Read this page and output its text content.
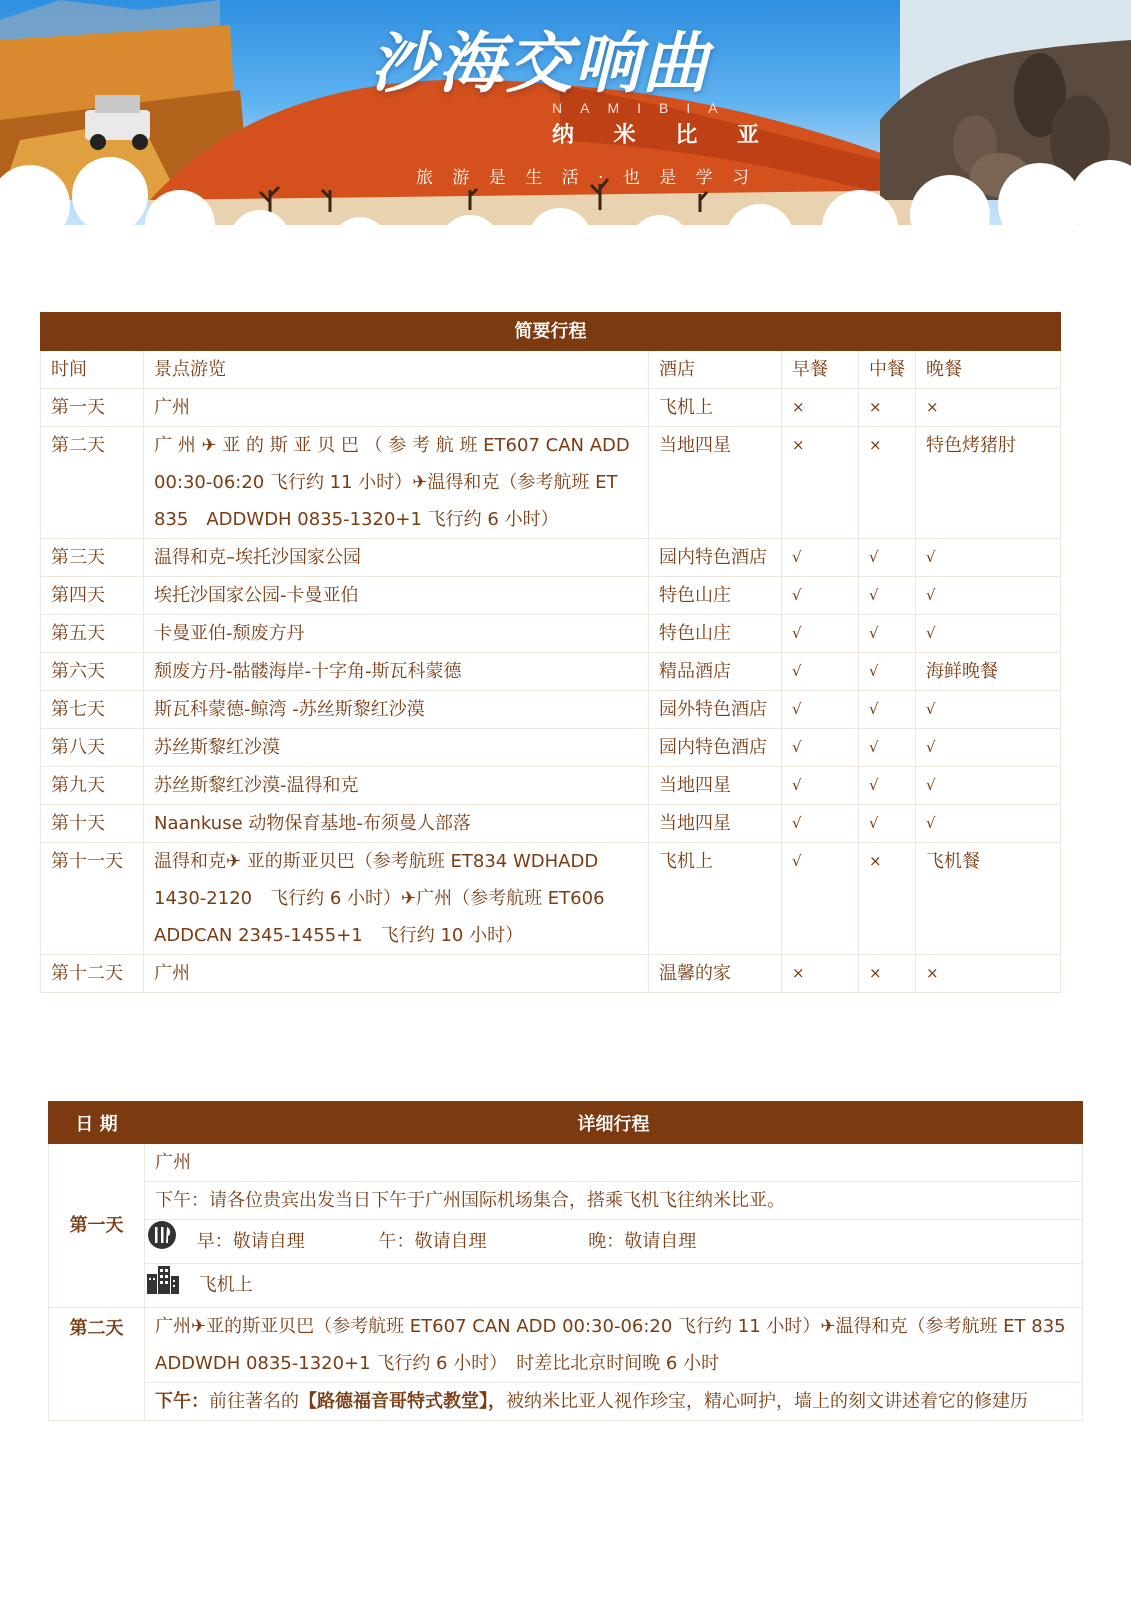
沙海交响曲
NAMIBIA
纳 米 比 亚
旅 游 是 生 活 · 也 是 学 习
简要行程					
时间	景点游览	酒店	早餐	中餐	晚餐
第一天	广州	飞机上	×	×	×
第二天	广 州 ✈ 亚 的 斯 亚 贝 巴 （ 参 考 航 班 ET607 CAN ADD 00:30-06:20 飞行约 11 小时）✈温得和克（参考航班 ET 835　ADDWDH 0835-1320+1 飞行约 6 小时）	当地四星	×	×	特色烤猪肘
第三天	温得和克–埃托沙国家公园	园内特色酒店	√	√	√
第四天	埃托沙国家公园-卡曼亚伯	特色山庄	√	√	√
第五天	卡曼亚伯-颓废方丹	特色山庄	√	√	√
第六天	颓废方丹-骷髅海岸-十字角-斯瓦科蒙德	精品酒店	√	√	海鲜晚餐
第七天	斯瓦科蒙德-鲸湾 -苏丝斯黎红沙漠	园外特色酒店	√	√	√
第八天	苏丝斯黎红沙漠	园内特色酒店	√	√	√
第九天	苏丝斯黎红沙漠-温得和克	当地四星	√	√	√
第十天	Naankuse 动物保育基地-布须曼人部落	当地四星	√	√	√
第十一天	温得和克✈ 亚的斯亚贝巴（参考航班 ET834 WDHADD 1430-2120　飞行约 6 小时）✈广州（参考航班 ET606 ADDCAN 2345-1455+1　飞行约 10 小时）	飞机上	√	×	飞机餐
第十二天	广州	温馨的家	×	×	×
日 期	详细行程
第一天	广州
	下午：请各位贵宾出发当日下午于广州国际机场集合，搭乘飞机飞往纳米比亚。
	早：敬请自理 午：敬请自理 晚：敬请自理
	飞机上
第二天	广州✈亚的斯亚贝巴（参考航班 ET607 CAN ADD 00:30-06:20 飞行约 11 小时）✈温得和克（参考航班 ET 835 ADDWDH 0835-1320+1 飞行约 6 小时）　时差比北京时间晚 6 小时
	下午：前往著名的【路德福音哥特式教堂】，被纳米比亚人视作珍宝，精心呵护，墙上的刻文讲述着它的修建历
